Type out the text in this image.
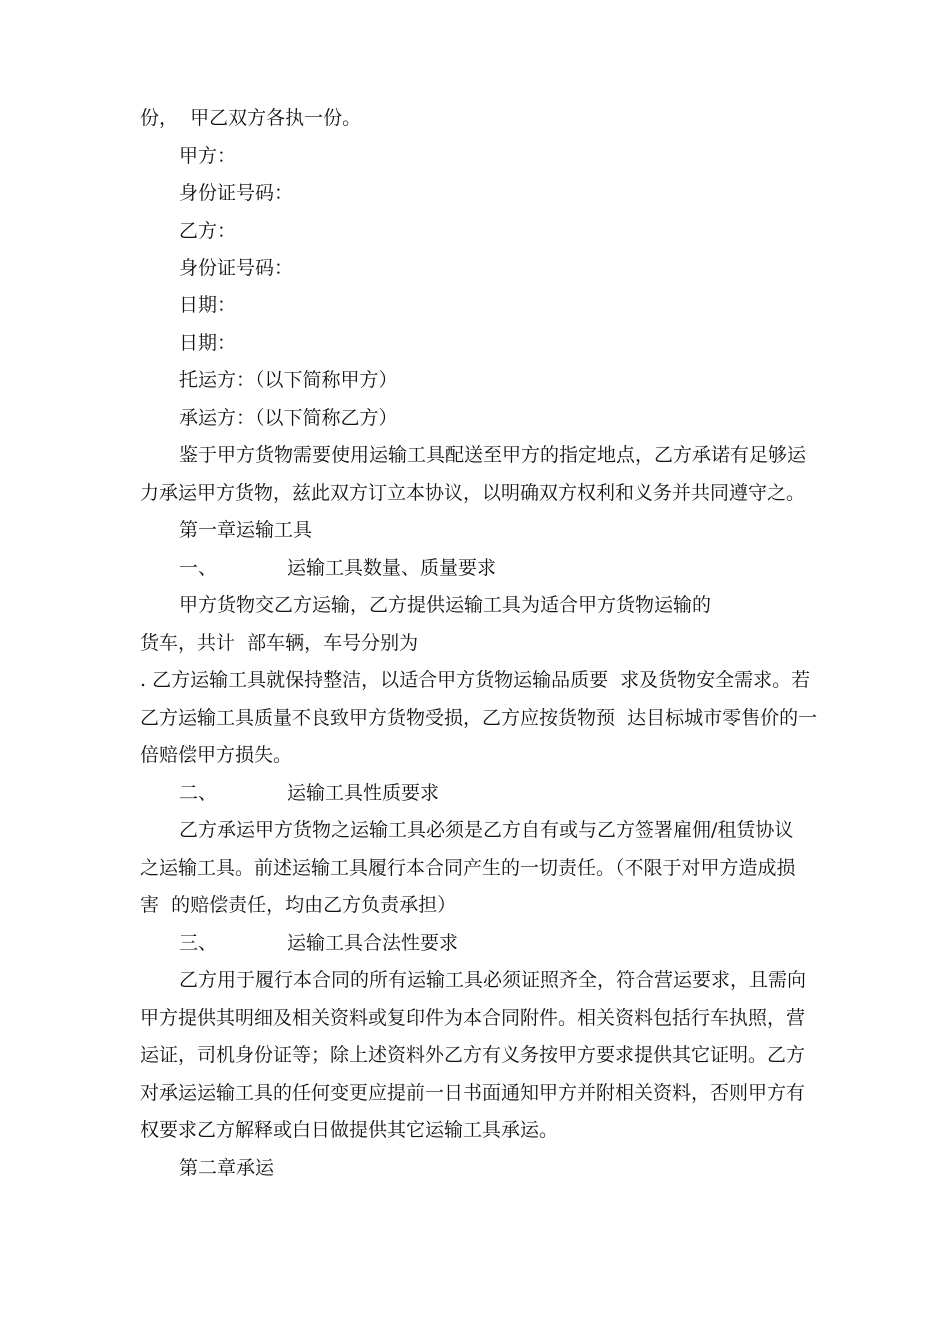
份，  甲乙双方各执一份。

甲方：

身份证号码：

乙方：

身份证号码：

日期：

日期：

托运方：（以下简称甲方）

承运方：（以下简称乙方）

鉴于甲方货物需要使用运输工具配送至甲方的指定地点，乙方承诺有足够运

力承运甲方货物，兹此双方订立本协议，以明确双方权利和义务并共同遵守之。

第一章运输工具

一、	运输工具数量、质量要求

甲方货物交乙方运输，乙方提供运输工具为适合甲方货物运输的

货车，共计  部车辆，车号分别为

. 乙方运输工具就保持整洁，以适合甲方货物运输品质要  求及货物安全需求。若

乙方运输工具质量不良致甲方货物受损，乙方应按货物预  达目标城市零售价的一

倍赔偿甲方损失。

二、	运输工具性质要求

乙方承运甲方货物之运输工具必须是乙方自有或与乙方签署雇佣/租赁协议

之运输工具。前述运输工具履行本合同产生的一切责任。（不限于对甲方造成损

害  的赔偿责任，均由乙方负责承担）

三、	运输工具合法性要求

乙方用于履行本合同的所有运输工具必须证照齐全，符合营运要求，且需向

甲方提供其明细及相关资料或复印件为本合同附件。相关资料包括行车执照，营

运证，司机身份证等；除上述资料外乙方有义务按甲方要求提供其它证明。乙方

对承运运输工具的任何变更应提前一日书面通知甲方并附相关资料，否则甲方有

权要求乙方解释或白日做提供其它运输工具承运。

第二章承运
